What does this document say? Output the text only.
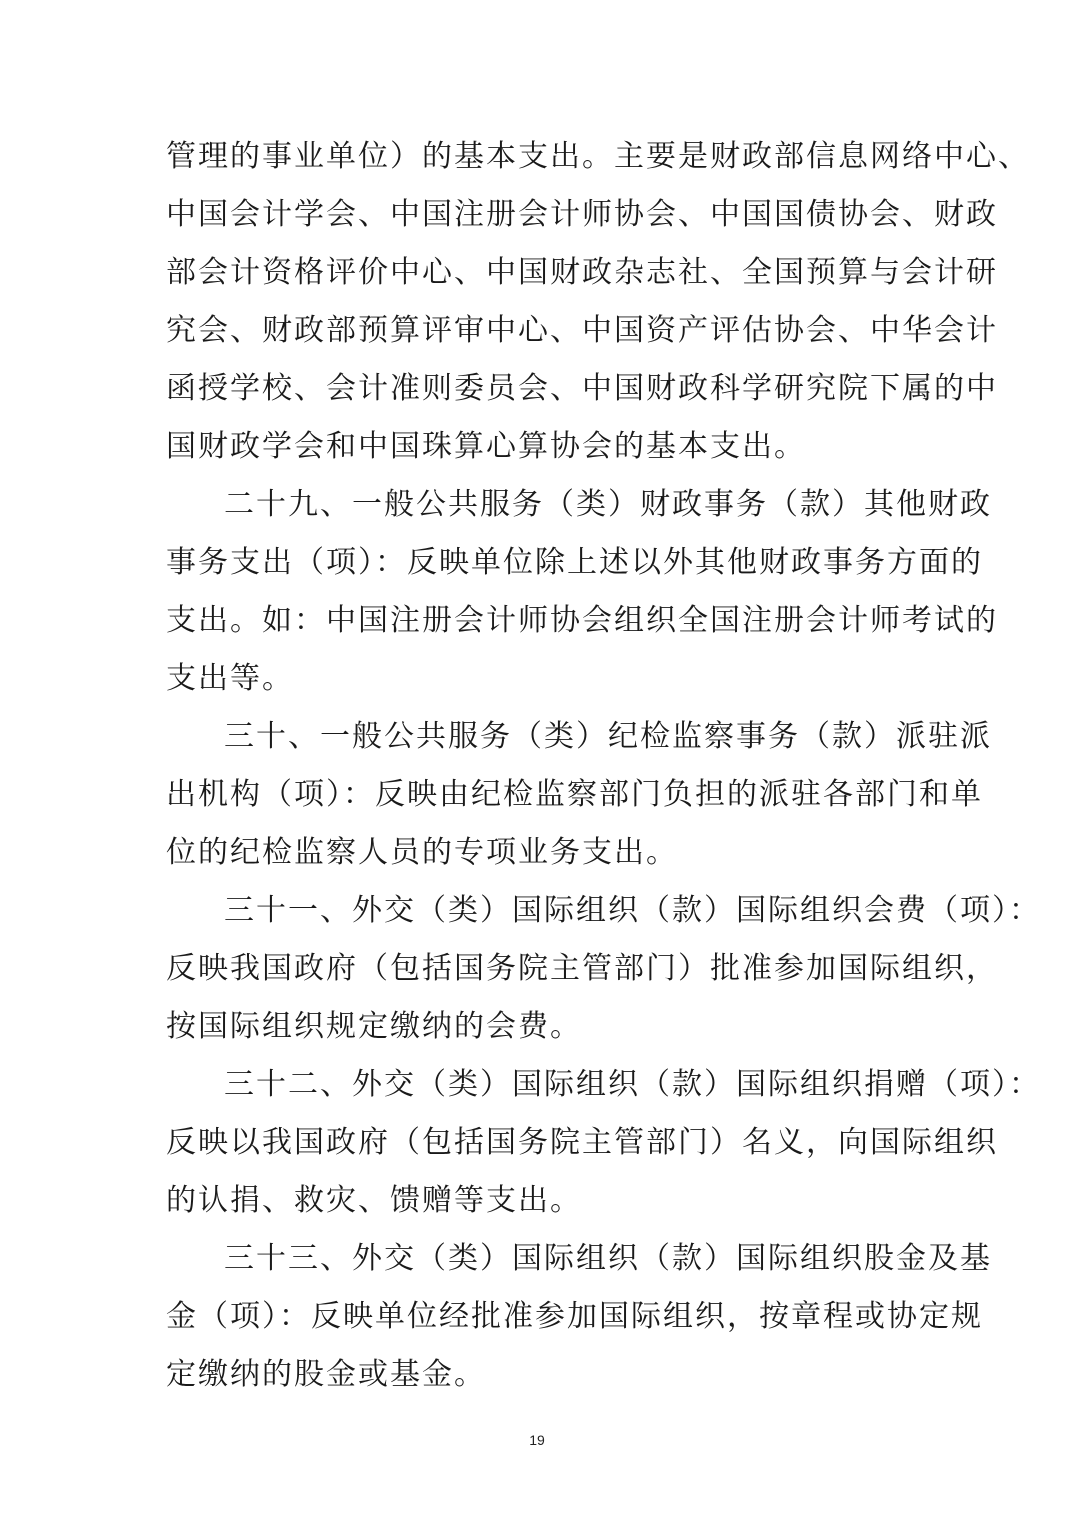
管理的事业单位）的基本支出。主要是财政部信息网络中心、
中国会计学会、中国注册会计师协会、中国国债协会、财政
部会计资格评价中心、中国财政杂志社、全国预算与会计研
究会、财政部预算评审中心、中国资产评估协会、中华会计
函授学校、会计准则委员会、中国财政科学研究院下属的中
国财政学会和中国珠算心算协会的基本支出。
二十九、一般公共服务（类）财政事务（款）其他财政
事务支出（项）：反映单位除上述以外其他财政事务方面的
支出。如：中国注册会计师协会组织全国注册会计师考试的
支出等。
三十、一般公共服务（类）纪检监察事务（款）派驻派
出机构（项）：反映由纪检监察部门负担的派驻各部门和单
位的纪检监察人员的专项业务支出。
三十一、外交（类）国际组织（款）国际组织会费（项）：
反映我国政府（包括国务院主管部门）批准参加国际组织，
按国际组织规定缴纳的会费。
三十二、外交（类）国际组织（款）国际组织捐赠（项）：
反映以我国政府（包括国务院主管部门）名义，向国际组织
的认捐、救灾、馈赠等支出。
三十三、外交（类）国际组织（款）国际组织股金及基
金（项）：反映单位经批准参加国际组织，按章程或协定规
定缴纳的股金或基金。
19
